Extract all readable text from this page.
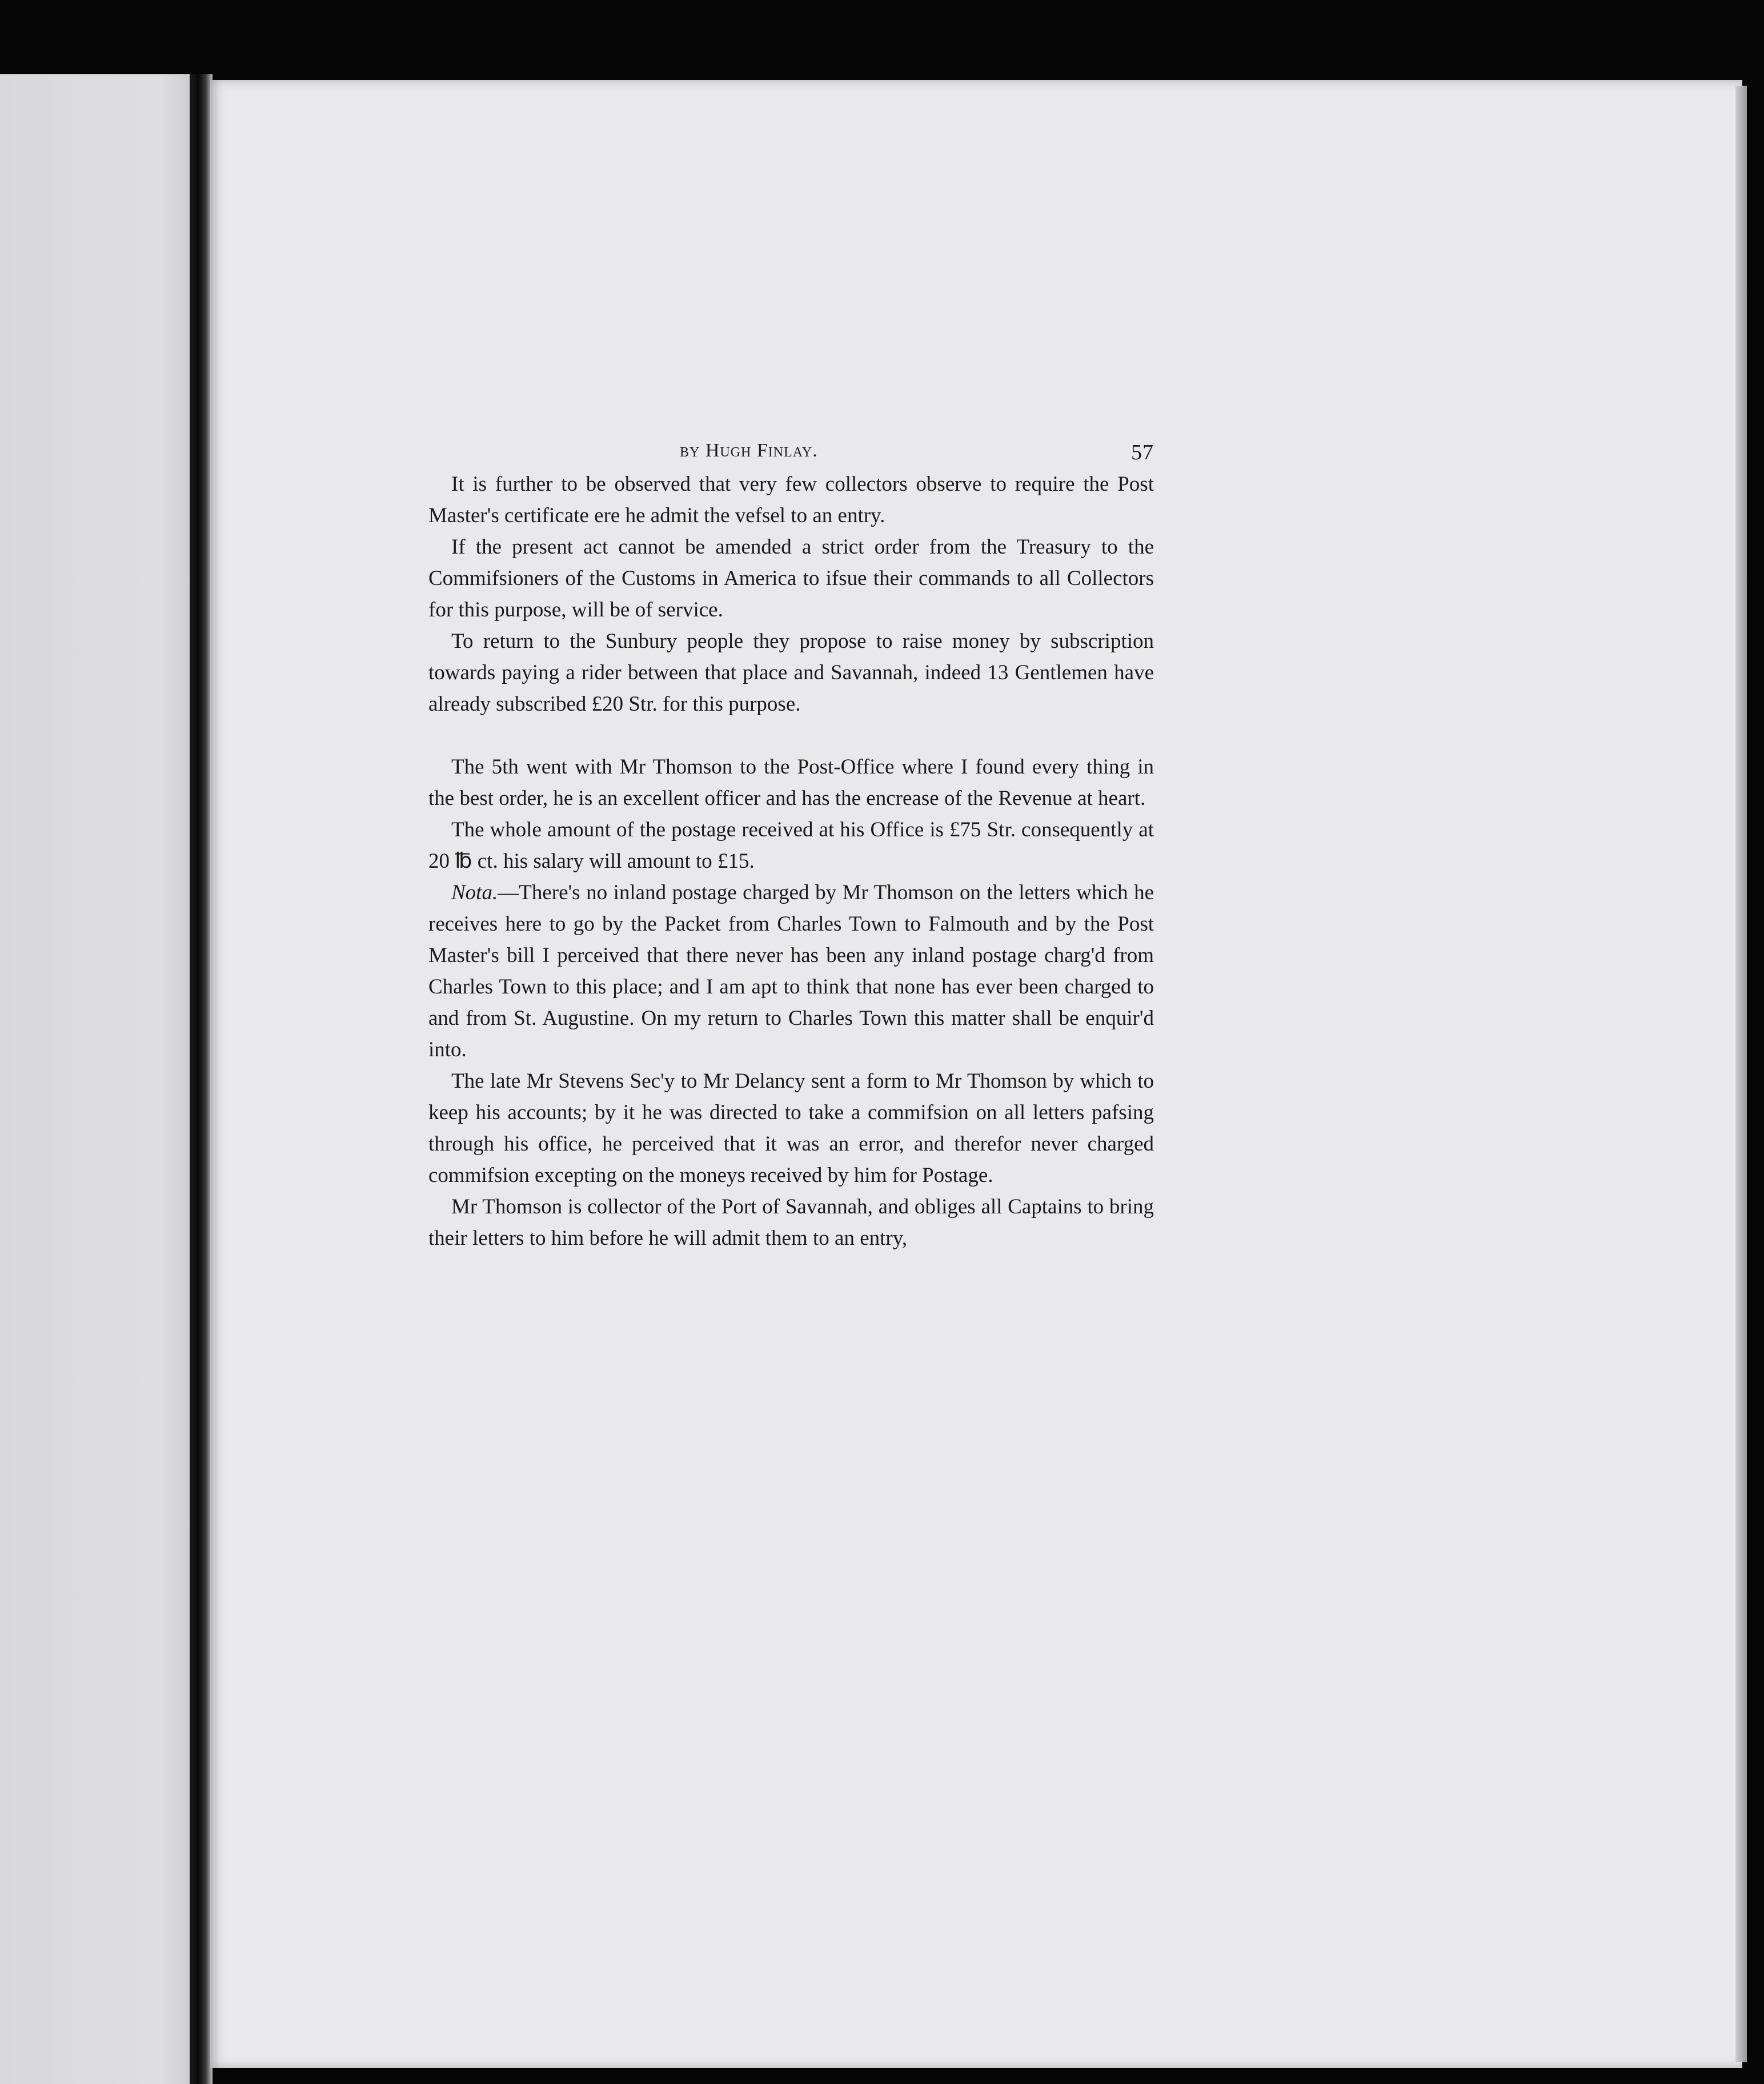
by Hugh Finlay.	57

It is further to be observed that very few collectors observe to require the Post Master's certificate ere he admit the vefsel to an entry.

If the present act cannot be amended a strict order from the Treasury to the Commifsioners of the Customs in America to ifsue their commands to all Collectors for this purpose, will be of service.

To return to the Sunbury people they propose to raise money by subscription towards paying a rider between that place and Savannah, indeed 13 Gentlemen have already subscribed £20 Str. for this purpose.

The 5th went with Mr Thomson to the Post-Office where I found every thing in the best order, he is an excellent officer and has the encrease of the Revenue at heart.

The whole amount of the postage received at his Office is £75 Str. consequently at 20 ℔ ct. his salary will amount to £15.

Nota.—There's no inland postage charged by Mr Thomson on the letters which he receives here to go by the Packet from Charles Town to Falmouth and by the Post Master's bill I perceived that there never has been any inland postage charg'd from Charles Town to this place; and I am apt to think that none has ever been charged to and from St. Augustine. On my return to Charles Town this matter shall be enquir'd into.

The late Mr Stevens Sec'y to Mr Delancy sent a form to Mr Thomson by which to keep his accounts; by it he was directed to take a commifsion on all letters pafsing through his office, he perceived that it was an error, and therefor never charged commifsion excepting on the moneys received by him for Postage.

Mr Thomson is collector of the Port of Savannah, and obliges all Captains to bring their letters to him before he will admit them to an entry,
